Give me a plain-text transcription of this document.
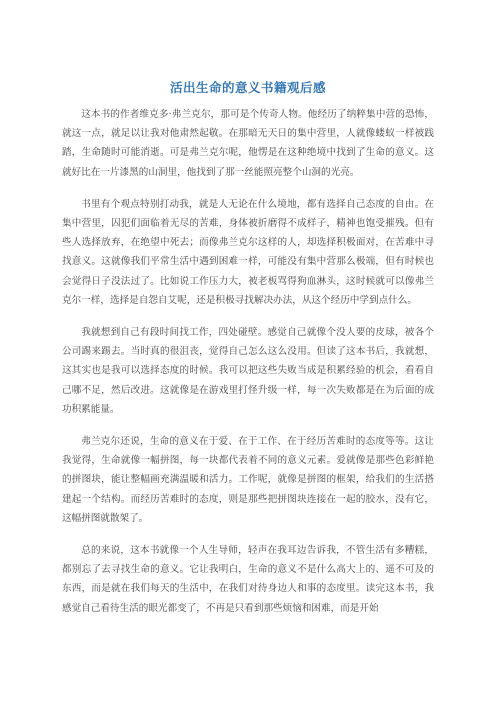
活出生命的意义书籍观后感

这本书的作者维克多·弗兰克尔，那可是个传奇人物。他经历了纳粹集中营的恐怖，就这一点，就足以让我对他肃然起敬。在那暗无天日的集中营里，人就像蝼蚁一样被践踏，生命随时可能消逝。可是弗兰克尔呢，他愣是在这种绝境中找到了生命的意义。这就好比在一片漆黑的山洞里，他找到了那一丝能照亮整个山洞的光亮。

书里有个观点特别打动我，就是人无论在什么境地，都有选择自己态度的自由。在集中营里，囚犯们面临着无尽的苦难，身体被折磨得不成样子，精神也饱受摧残。但有些人选择放弃，在绝望中死去；而像弗兰克尔这样的人，却选择积极面对，在苦难中寻找意义。这就像我们平常生活中遇到困难一样，可能没有集中营那么极端，但有时候也会觉得日子没法过了。比如说工作压力大，被老板骂得狗血淋头，这时候就可以像弗兰克尔一样，选择是自怨自艾呢，还是积极寻找解决办法，从这个经历中学到点什么。

我就想到自己有段时间找工作，四处碰壁。感觉自己就像个没人要的皮球，被各个公司踢来踢去。当时真的很沮丧，觉得自己怎么这么没用。但读了这本书后，我就想，这其实也是我可以选择态度的时候。我可以把这些失败当成是积累经验的机会，看看自己哪不足，然后改进。这就像是在游戏里打怪升级一样，每一次失败都是在为后面的成功积累能量。

弗兰克尔还说，生命的意义在于爱、在于工作、在于经历苦难时的态度等等。这让我觉得，生命就像一幅拼图，每一块都代表着不同的意义元素。爱就像是那些色彩鲜艳的拼图块，能让整幅画充满温暖和活力。工作呢，就像是拼图的框架，给我们的生活搭建起一个结构。而经历苦难时的态度，则是那些把拼图块连接在一起的胶水，没有它，这幅拼图就散架了。

总的来说，这本书就像一个人生导师，轻声在我耳边告诉我，不管生活有多糟糕，都别忘了去寻找生命的意义。它让我明白，生命的意义不是什么高大上的、遥不可及的东西，而是就在我们每天的生活中，在我们对待身边人和事的态度里。读完这本书，我感觉自己看待生活的眼光都变了，不再是只看到那些烦恼和困难，而是开始
